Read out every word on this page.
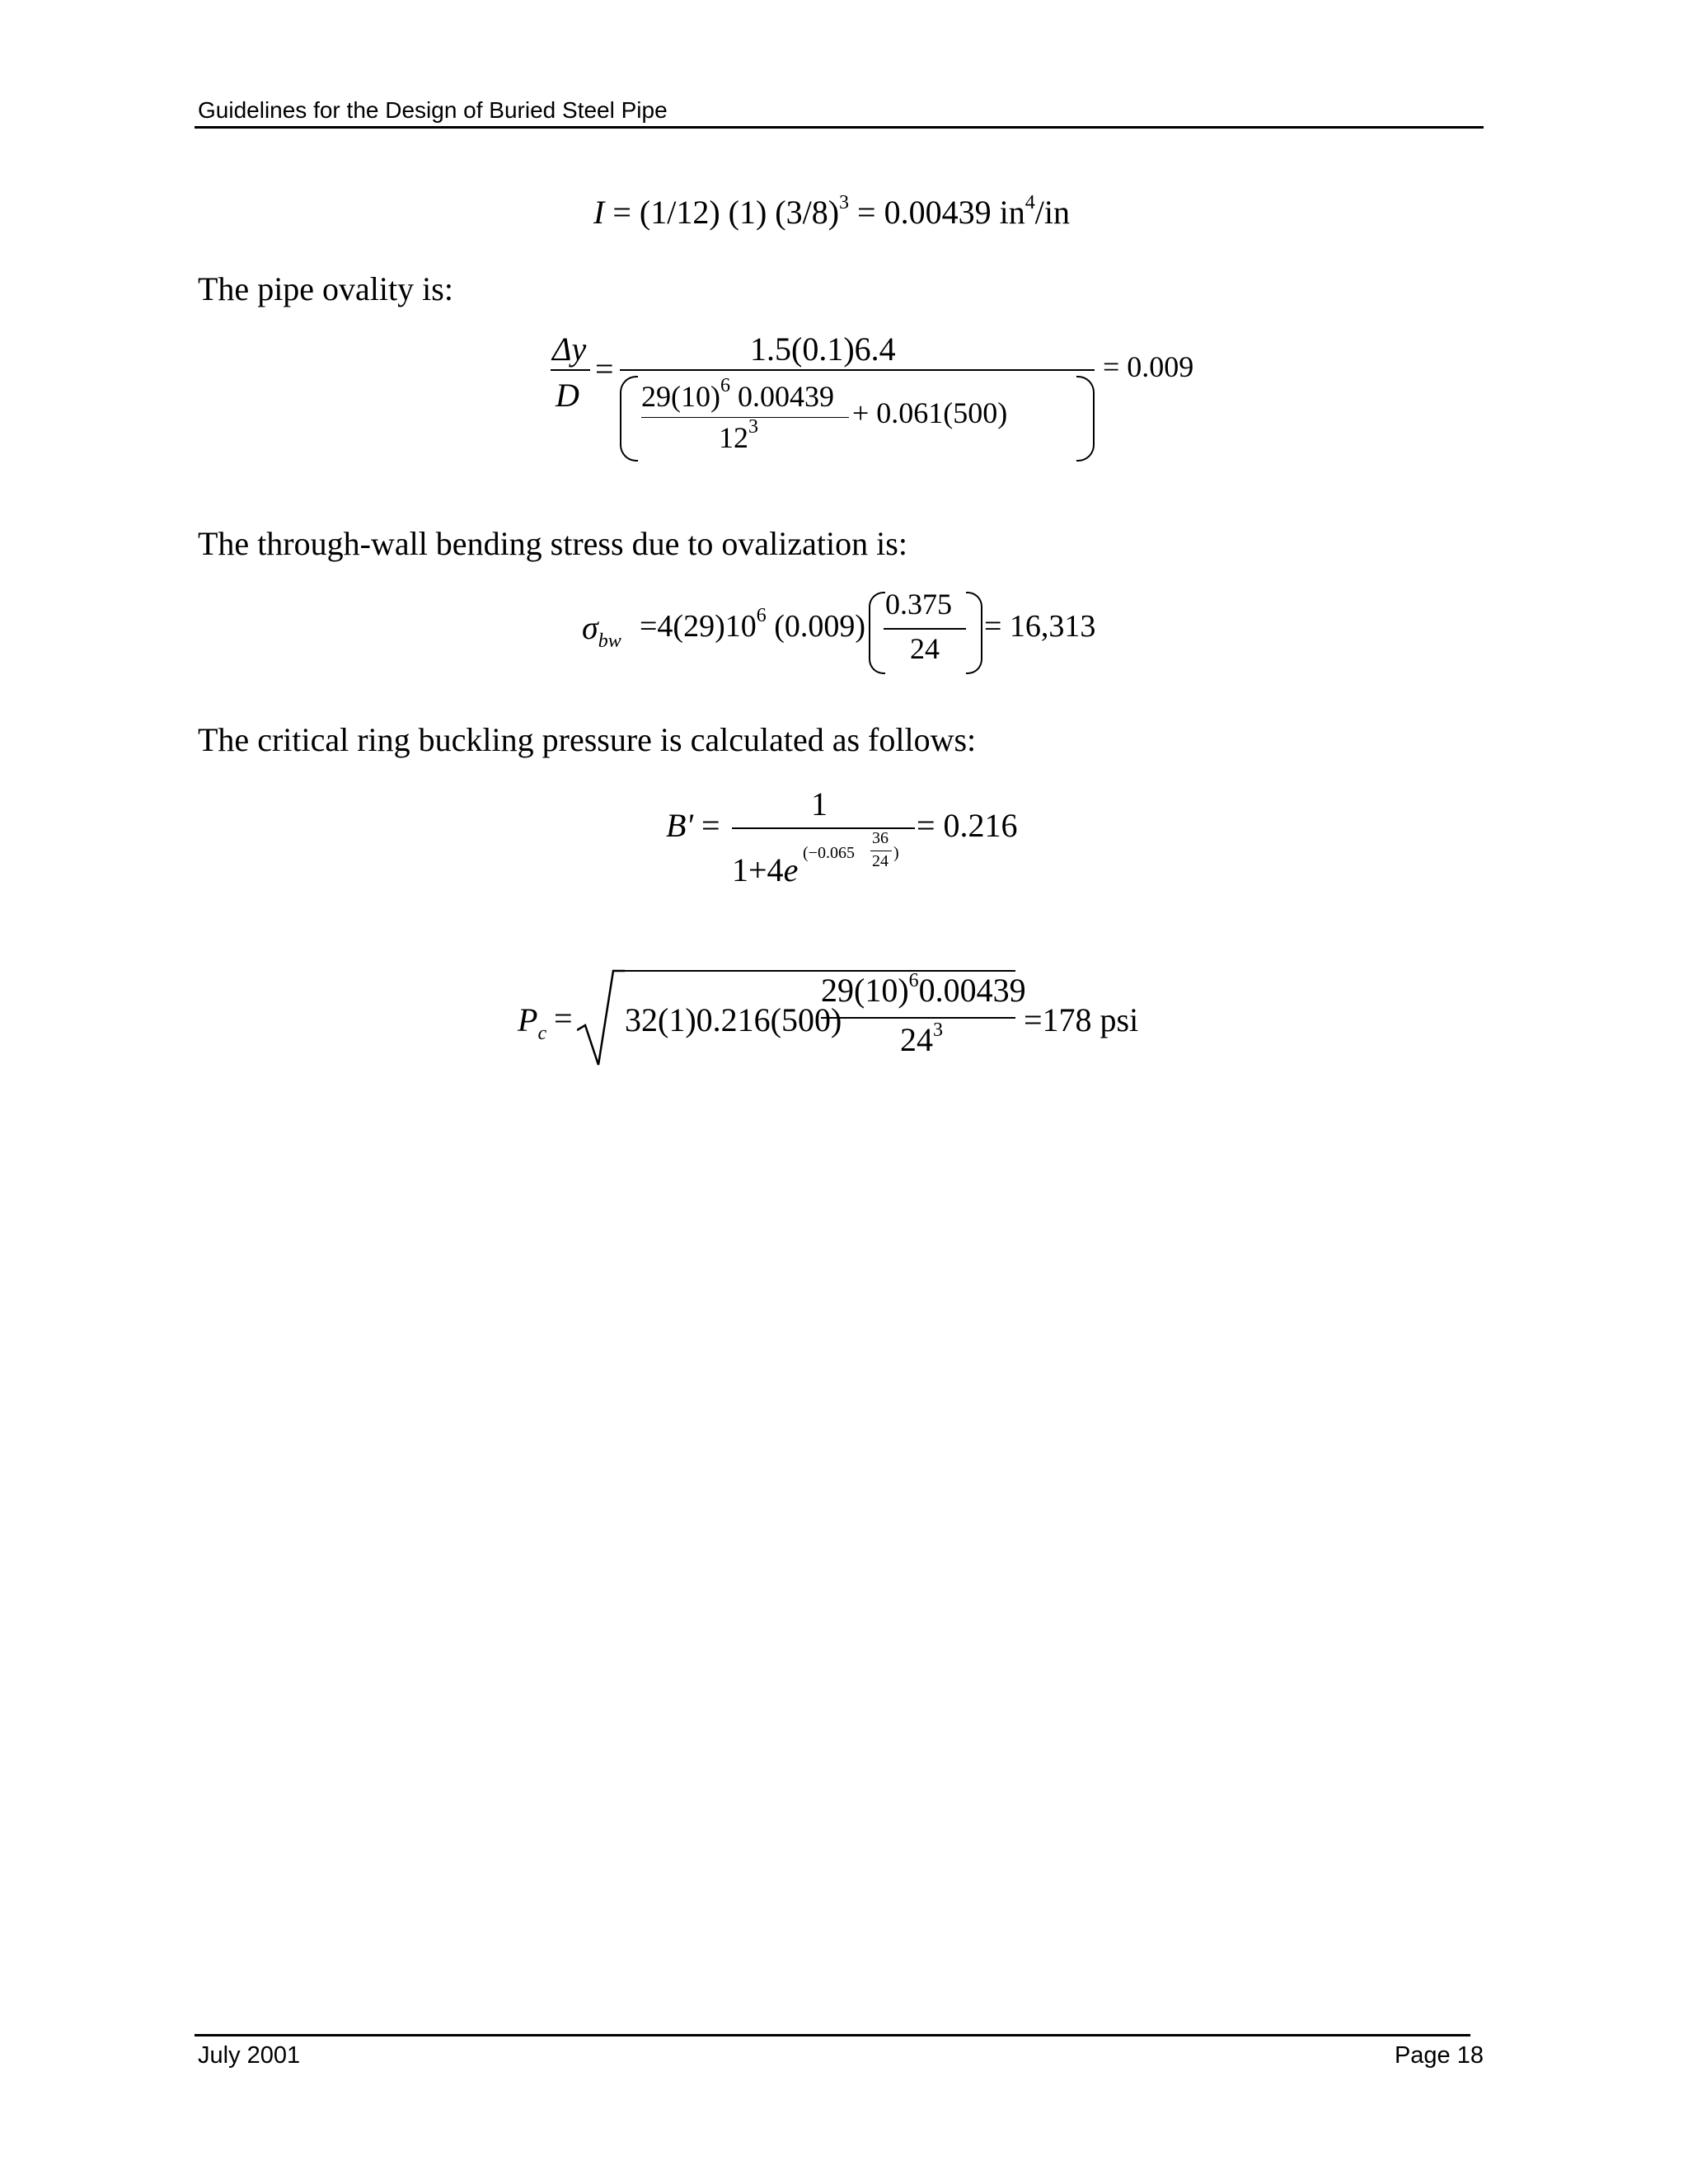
Guidelines for the Design of Buried Steel Pipe
I = (1/12) (1) $(3/8)^3 = 0.00439$ $in^4/in$
The pipe ovality is:
Δy
D
=
1.5(0.1)6.4
$29(10)^6$ 0.00439
$12^3$	+ 0.061(500)
= 0.009
The through-wall bending stress due to ovalization is:
$\sigma_{bw} =4(29)10^6$ (0.009)
0.375
24
= 16,313
The critical ring buckling pressure is calculated as follows:
B' =
1
1+4e (−0.065
36
24 )
= 0.216
$P_c = 32(1)0.216(500)$
$29(10)^60.00439$
$24^3 =178$ psi
July 2001	Page 18
